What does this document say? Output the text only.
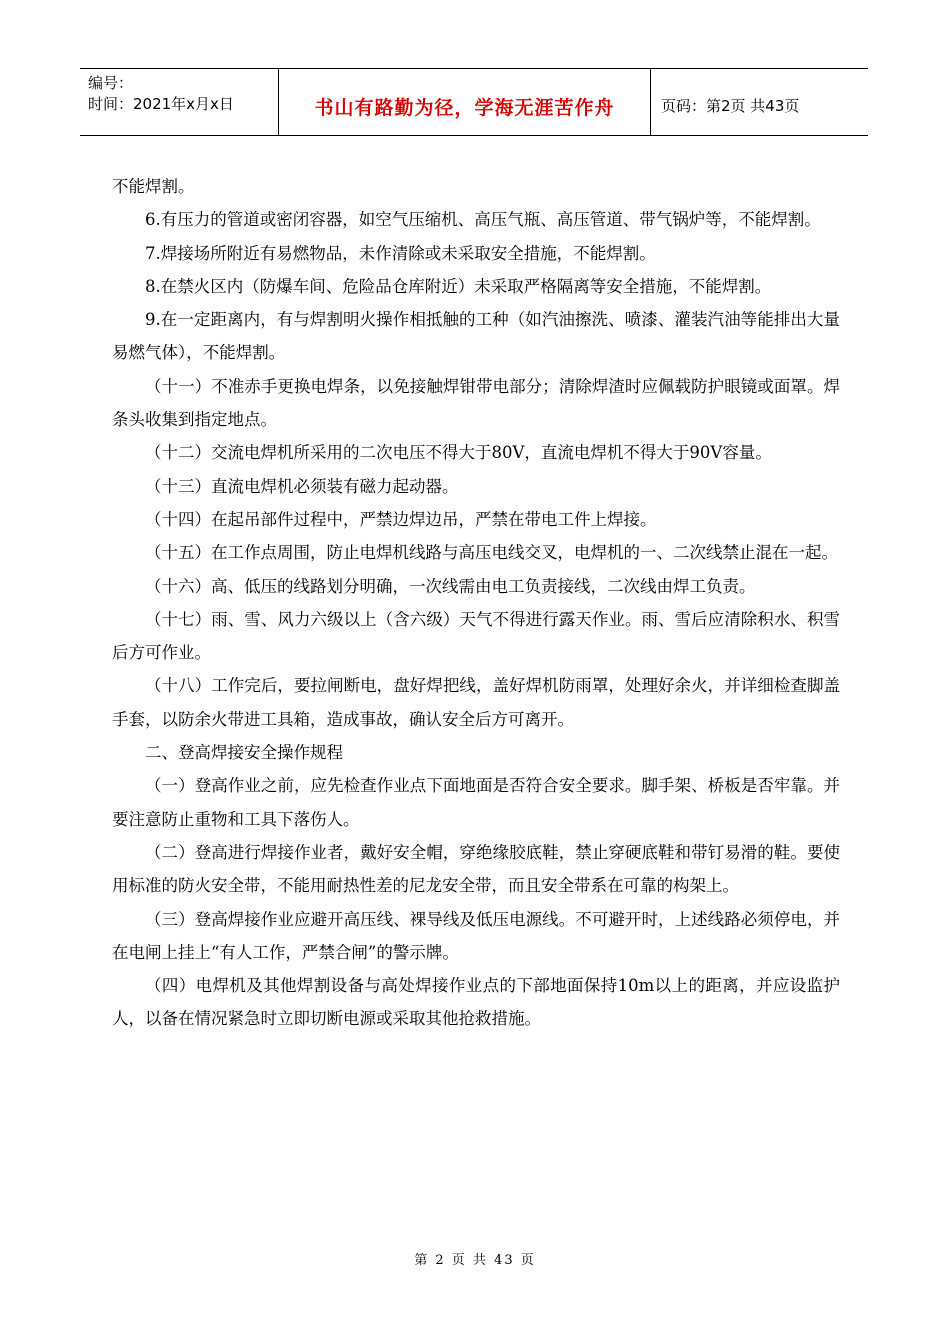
编号：
时间：2021年x月x日	书山有路勤为径，学海无涯苦作舟	页码：第2页 共43页

不能焊割。

6.有压力的管道或密闭容器，如空气压缩机、高压气瓶、高压管道、带气锅炉等，不能焊割。

7.焊接场所附近有易燃物品，未作清除或未采取安全措施，不能焊割。

8.在禁火区内（防爆车间、危险品仓库附近）未采取严格隔离等安全措施，不能焊割。

9.在一定距离内，有与焊割明火操作相抵触的工种（如汽油擦洗、喷漆、灌装汽油等能排出大量易燃气体），不能焊割。

（十一）不准赤手更换电焊条，以免接触焊钳带电部分；清除焊渣时应佩载防护眼镜或面罩。焊条头收集到指定地点。

（十二）交流电焊机所采用的二次电压不得大于80V，直流电焊机不得大于90V容量。

（十三）直流电焊机必须装有磁力起动器。

（十四）在起吊部件过程中，严禁边焊边吊，严禁在带电工件上焊接。

（十五）在工作点周围，防止电焊机线路与高压电线交叉，电焊机的一、二次线禁止混在一起。

（十六）高、低压的线路划分明确，一次线需由电工负责接线，二次线由焊工负责。

（十七）雨、雪、风力六级以上（含六级）天气不得进行露天作业。雨、雪后应清除积水、积雪后方可作业。

（十八）工作完后，要拉闸断电，盘好焊把线，盖好焊机防雨罩，处理好余火，并详细检查脚盖手套，以防余火带进工具箱，造成事故，确认安全后方可离开。

二、登高焊接安全操作规程

（一）登高作业之前，应先检查作业点下面地面是否符合安全要求。脚手架、桥板是否牢靠。并要注意防止重物和工具下落伤人。

（二）登高进行焊接作业者，戴好安全帽，穿绝缘胶底鞋，禁止穿硬底鞋和带钉易滑的鞋。要使用标准的防火安全带，不能用耐热性差的尼龙安全带，而且安全带系在可靠的构架上。

（三）登高焊接作业应避开高压线、裸导线及低压电源线。不可避开时，上述线路必须停电，并在电闸上挂上“有人工作，严禁合闸”的警示牌。

（四）电焊机及其他焊割设备与高处焊接作业点的下部地面保持10m以上的距离，并应设监护人，以备在情况紧急时立即切断电源或采取其他抢救措施。

第 2 页 共 43 页
